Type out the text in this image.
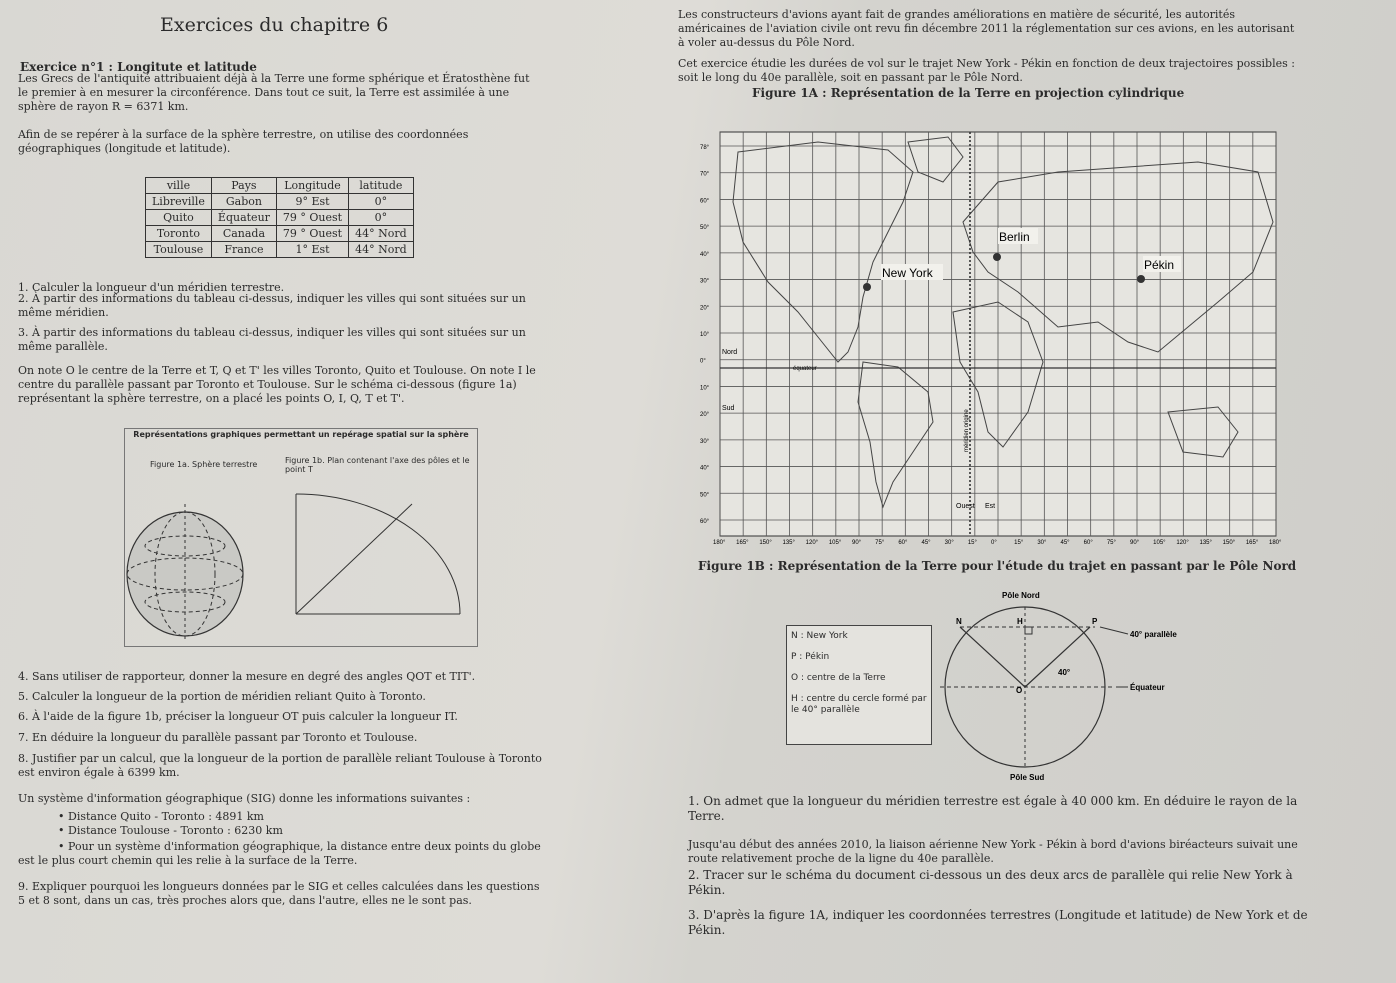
Exercices du chapitre 6
Exercice n°1 : Longitute et latitude
Les Grecs de l'antiquité attribuaient déjà à la Terre une forme sphérique et Ératosthène fut le premier à en mesurer la circonférence. Dans tout ce suit, la Terre est assimilée à une sphère de rayon R = 6371 km.
Afin de se repérer à la surface de la sphère terrestre, on utilise des coordonnées géographiques (longitude et latitude).
ville	Pays	Longitude	latitude
Libreville	Gabon	9° Est	0°
Quito	Équateur	79 ° Ouest	0°
Toronto	Canada	79 ° Ouest	44° Nord
Toulouse	France	1° Est	44° Nord
1. Calculer la longueur d'un méridien terrestre.
2. À partir des informations du tableau ci-dessus, indiquer les villes qui sont situées sur un même méridien.
3. À partir des informations du tableau ci-dessus, indiquer les villes qui sont situées sur un même parallèle.
On note O le centre de la Terre et T, Q et T' les villes Toronto, Quito et Toulouse. On note I le centre du parallèle passant par Toronto et Toulouse. Sur le schéma ci-dessous (figure 1a) représentant la sphère terrestre, on a placé les points O, I, Q, T et T'.
Représentations graphiques permettant un repérage spatial sur la sphère
Figure 1a. Sphère terrestre	Figure 1b. Plan contenant l'axe des pôles et le point T
4. Sans utiliser de rapporteur, donner la mesure en degré des angles QOT et TIT'.
5. Calculer la longueur de la portion de méridien reliant Quito à Toronto.
6. À l'aide de la figure 1b, préciser la longueur OT puis calculer la longueur IT.
7. En déduire la longueur du parallèle passant par Toronto et Toulouse.
8. Justifier par un calcul, que la longueur de la portion de parallèle reliant Toulouse à Toronto est environ égale à 6399 km.
Un système d'information géographique (SIG) donne les informations suivantes :
• Distance Quito - Toronto : 4891 km
• Distance Toulouse - Toronto : 6230 km
• Pour un système d'information géographique, la distance entre deux points du globe est le plus court chemin qui les relie à la surface de la Terre.
9. Expliquer pourquoi les longueurs données par le SIG et celles calculées dans les questions 5 et 8 sont, dans un cas, très proches alors que, dans l'autre, elles ne le sont pas.
Les constructeurs d'avions ayant fait de grandes améliorations en matière de sécurité, les autorités américaines de l'aviation civile ont revu fin décembre 2011 la réglementation sur ces avions, en les autorisant à voler au-dessus du Pôle Nord.
Cet exercice étudie les durées de vol sur le trajet New York - Pékin en fonction de deux trajectoires possibles : soit le long du 40e parallèle, soit en passant par le Pôle Nord.
Figure 1A : Représentation de la Terre en projection cylindrique
78°
70°
60°
50°
40°
30°
20°
10°
0°
10°
20°
30°
40°
50°
60°
180° 165° 150° 135° 120° 105° 90° 75° 60° 45° 30° 15° 0°	15° 30° 45° 60° 75° 90° 105° 120° 135° 150° 165° 180°
New York
Berlin
Pékin
Nord
Sud
équateur
méridien origine
Ouest Est
Figure 1B : Représentation de la Terre pour l'étude du trajet en passant par le Pôle Nord
N : New York
P : Pékin
O : centre de la Terre
H : centre du cercle formé par le 40° parallèle
Pôle Nord
N	H	P
O
40°
40° parallèle
Équateur
Pôle Sud
1. On admet que la longueur du méridien terrestre est égale à 40 000 km. En déduire le rayon de la Terre.
Jusqu'au début des années 2010, la liaison aérienne New York - Pékin à bord d'avions biréacteurs suivait une route relativement proche de la ligne du 40e parallèle.
2. Tracer sur le schéma du document ci-dessous un des deux arcs de parallèle qui relie New York à Pékin.
3. D'après la figure 1A, indiquer les coordonnées terrestres (Longitude et latitude) de New York et de Pékin.
